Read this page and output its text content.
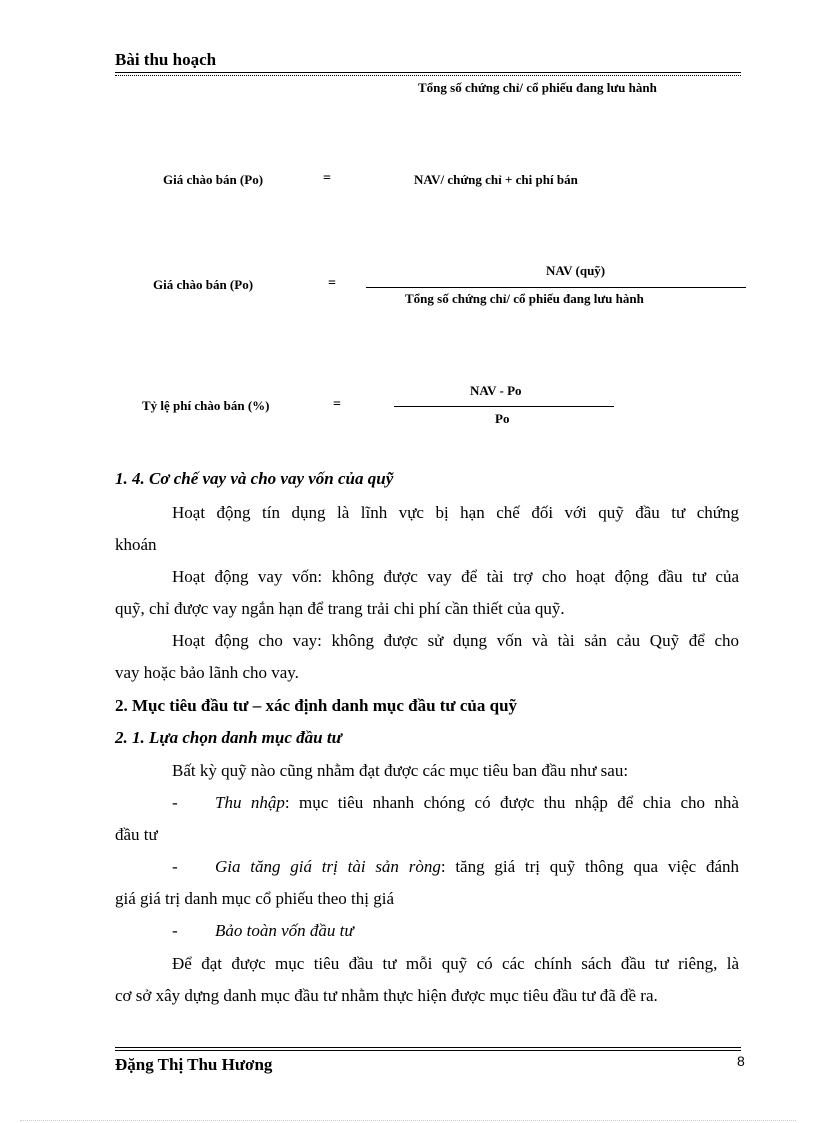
Bài thu hoạch
Tổng số chứng chỉ/ cổ phiếu đang lưu hành
Giá chào bán (Po)	=	NAV/ chứng chỉ + chi phí bán
Giá chào bán (Po)	=
NAV (quỹ)
Tổng số chứng chỉ/ cổ phiếu đang lưu hành
Tỷ lệ phí chào bán (%)	=
NAV - Po
Po
1. 4. Cơ chế vay và cho vay vốn của quỹ
Hoạt động tín dụng là lĩnh vực bị hạn chế đối với quỹ đầu tư chứng
khoán
Hoạt động vay vốn: không được vay để tài trợ cho hoạt động đầu tư của
quỹ, chỉ được vay ngắn hạn để trang trải chi phí cần thiết của quỹ.
Hoạt động cho vay: không được sử dụng vốn và tài sản cảu Quỹ để cho
vay hoặc bảo lãnh cho vay.
2. Mục tiêu đầu tư – xác định danh mục đầu tư của quỹ
2. 1. Lựa chọn danh mục đầu tư
Bất kỳ quỹ nào cũng nhằm đạt được các mục tiêu ban đầu như sau:
- Thu nhập: mục tiêu nhanh chóng có được thu nhập để chia cho nhà
đầu tư
- Gia tăng giá trị tài sản ròng: tăng giá trị quỹ thông qua việc đánh
giá giá trị danh mục cổ phiếu theo thị giá
- Bảo toàn vốn đầu tư
Để đạt được mục tiêu đầu tư mỗi quỹ có các chính sách đầu tư riêng, là
cơ sở xây dựng danh mục đầu tư nhằm thực hiện được mục tiêu đầu tư đã đề ra.
Đặng Thị Thu Hương	8
